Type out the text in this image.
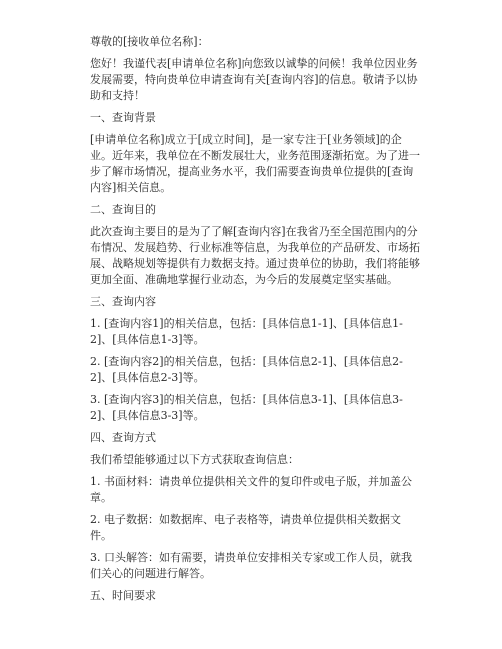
尊敬的[接收单位名称]：

您好！我谨代表[申请单位名称]向您致以诚挚的问候！我单位因业务发展需要，特向贵单位申请查询有关[查询内容]的信息。敬请予以协助和支持！

一、查询背景

[申请单位名称]成立于[成立时间]，是一家专注于[业务领域]的企业。近年来，我单位在不断发展壮大，业务范围逐渐拓宽。为了进一步了解市场情况，提高业务水平，我们需要查询贵单位提供的[查询内容]相关信息。

二、查询目的

此次查询主要目的是为了了解[查询内容]在我省乃至全国范围内的分布情况、发展趋势、行业标准等信息，为我单位的产品研发、市场拓展、战略规划等提供有力数据支持。通过贵单位的协助，我们将能够更加全面、准确地掌握行业动态，为今后的发展奠定坚实基础。

三、查询内容

1. [查询内容1]的相关信息，包括：[具体信息1-1]、[具体信息1-2]、[具体信息1-3]等。

2. [查询内容2]的相关信息，包括：[具体信息2-1]、[具体信息2-2]、[具体信息2-3]等。

3. [查询内容3]的相关信息，包括：[具体信息3-1]、[具体信息3-2]、[具体信息3-3]等。

四、查询方式

我们希望能够通过以下方式获取查询信息：

1. 书面材料：请贵单位提供相关文件的复印件或电子版，并加盖公章。

2. 电子数据：如数据库、电子表格等，请贵单位提供相关数据文件。

3. 口头解答：如有需要，请贵单位安排相关专家或工作人员，就我们关心的问题进行解答。

五、时间要求
